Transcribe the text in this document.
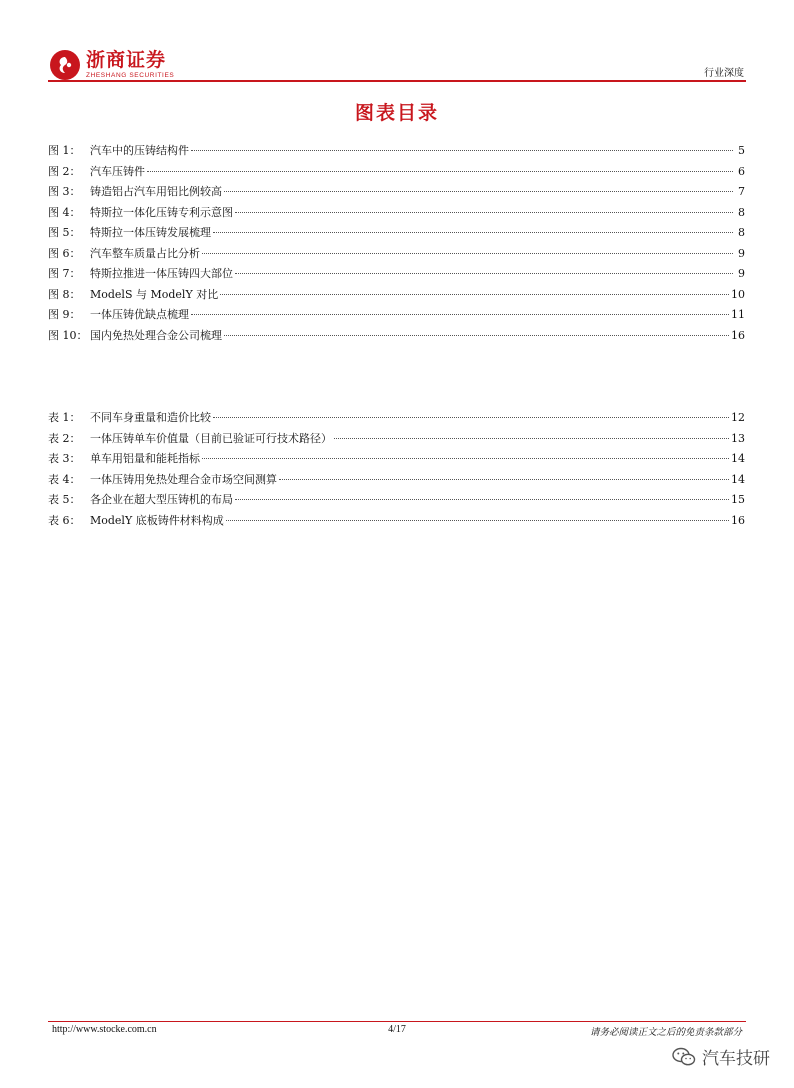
浙商证券
ZHESHANG SECURITIES	行业深度
图表目录
图 1： 汽车中的压铸结构件	5
图 2： 汽车压铸件	6
图 3： 铸造铝占汽车用铝比例较高	7
图 4： 特斯拉一体化压铸专利示意图	8
图 5： 特斯拉一体压铸发展梳理	8
图 6： 汽车整车质量占比分析	9
图 7： 特斯拉推进一体压铸四大部位	9
图 8： ModelS 与 ModelY 对比	10
图 9： 一体压铸优缺点梳理	11
图 10： 国内免热处理合金公司梳理	16
表 1： 不同车身重量和造价比较	12
表 2： 一体压铸单车价值量（目前已验证可行技术路径）	13
表 3： 单车用铝量和能耗指标	14
表 4： 一体压铸用免热处理合金市场空间测算	14
表 5： 各企业在超大型压铸机的布局	15
表 6： ModelY 底板铸件材料构成	16
http://www.stocke.com.cn	4/17	请务必阅读正文之后的免责条款部分
汽车技研
